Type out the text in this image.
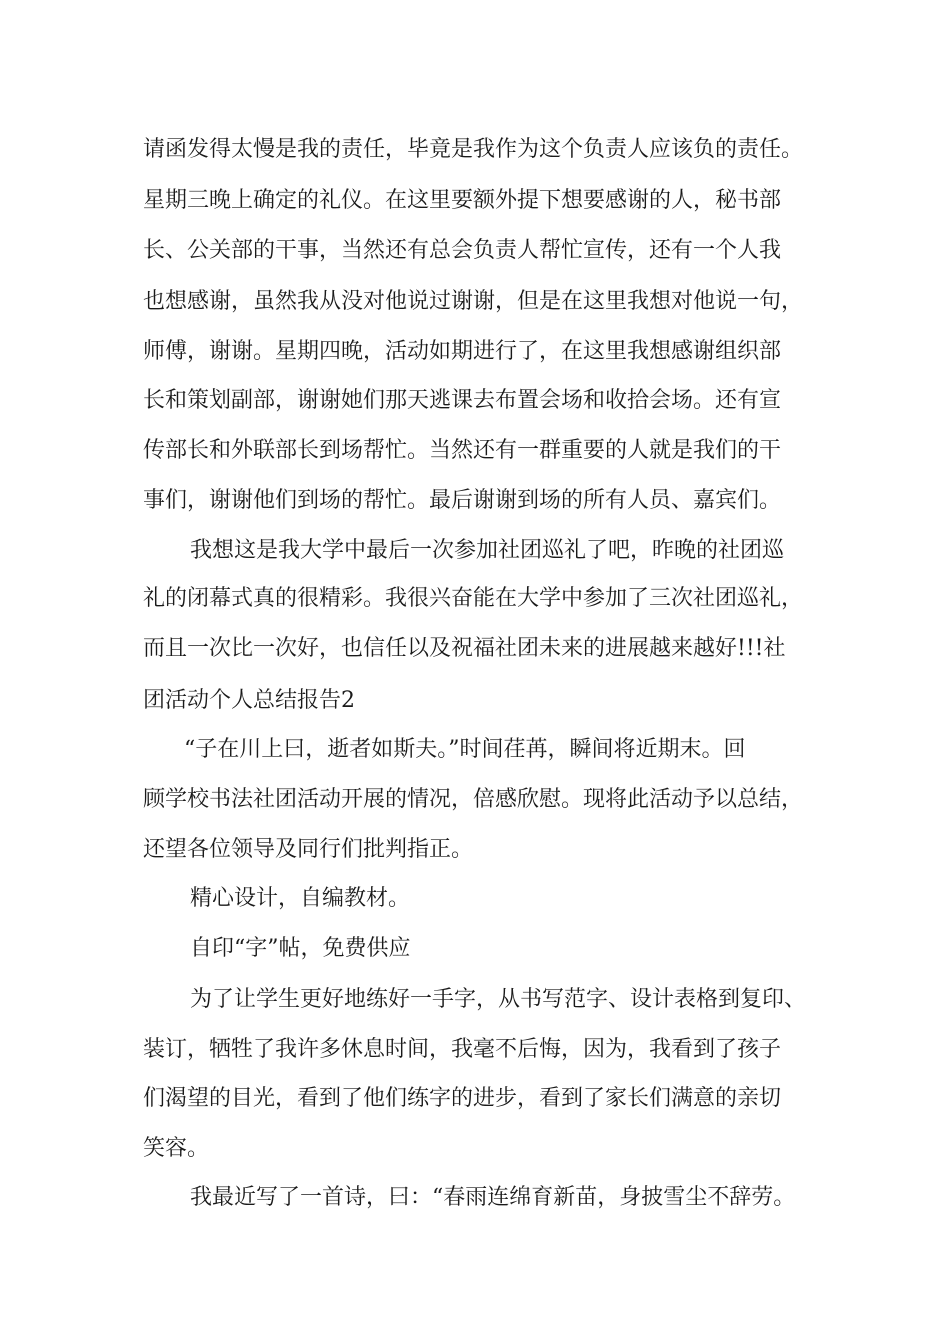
请函发得太慢是我的责任，毕竟是我作为这个负责人应该负的责任。
星期三晚上确定的礼仪。在这里要额外提下想要感谢的人，秘书部
长、公关部的干事，当然还有总会负责人帮忙宣传，还有一个人我
也想感谢，虽然我从没对他说过谢谢，但是在这里我想对他说一句，
师傅，谢谢。星期四晚，活动如期进行了，在这里我想感谢组织部
长和策划副部，谢谢她们那天逃课去布置会场和收拾会场。还有宣
传部长和外联部长到场帮忙。当然还有一群重要的人就是我们的干
事们，谢谢他们到场的帮忙。最后谢谢到场的所有人员、嘉宾们。
我想这是我大学中最后一次参加社团巡礼了吧，昨晚的社团巡
礼的闭幕式真的很精彩。我很兴奋能在大学中参加了三次社团巡礼，
而且一次比一次好，也信任以及祝福社团未来的进展越来越好!!!社
团活动个人总结报告2
“子在川上曰，逝者如斯夫。”时间荏苒，瞬间将近期末。回
顾学校书法社团活动开展的情况，倍感欣慰。现将此活动予以总结，
还望各位领导及同行们批判指正。
精心设计，自编教材。
自印“字”帖，免费供应
为了让学生更好地练好一手字，从书写范字、设计表格到复印、
装订，牺牲了我许多休息时间，我毫不后悔，因为，我看到了孩子
们渴望的目光，看到了他们练字的进步，看到了家长们满意的亲切
笑容。
我最近写了一首诗，曰：“春雨连绵育新苗，身披雪尘不辞劳。
